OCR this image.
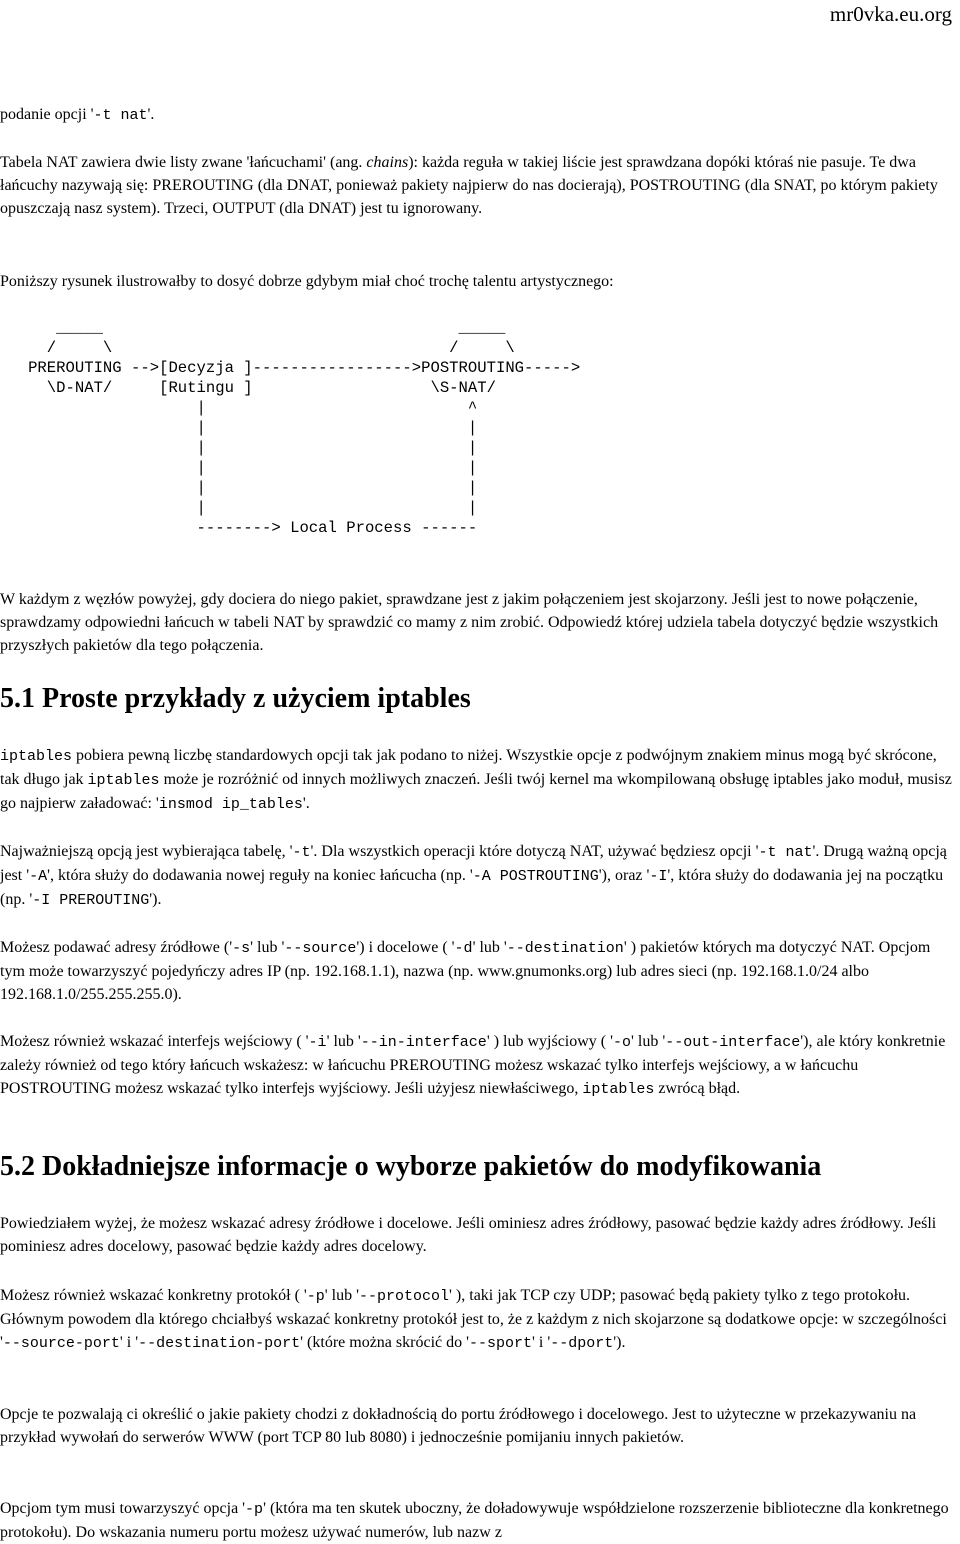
mr0vka.eu.org

podanie opcji '-t nat'.

Tabela NAT zawiera dwie listy zwane 'łańcuchami' (ang. chains): każda reguła w takiej liście jest sprawdzana dopóki któraś nie pasuje. Te dwa łańcuchy nazywają się: PREROUTING (dla DNAT, ponieważ pakiety najpierw do nas docierają), POSTROUTING (dla SNAT, po którym pakiety opuszczają nasz system). Trzeci, OUTPUT (dla DNAT) jest tu ignorowany.

Poniższy rysunek ilustrowałby to dosyć dobrze gdybym miał choć trochę talentu artystycznego:

_____                                      _____
/     \                                    /     \
PREROUTING -->[Decyzja ]----------------->POSTROUTING----->
\D-NAT/     [Rutingu ]                   \S-NAT/
|                            ^
|                            |
|                            |
|                            |
|                            |
|                            |
--------> Local Process ------

W każdym z węzłów powyżej, gdy dociera do niego pakiet, sprawdzane jest z jakim połączeniem jest skojarzony. Jeśli jest to nowe połączenie, sprawdzamy odpowiedni łańcuch w tabeli NAT by sprawdzić co mamy z nim zrobić. Odpowiedź której udziela tabela dotyczyć będzie wszystkich przyszłych pakietów dla tego połączenia.

5.1 Proste przykłady z użyciem iptables

iptables pobiera pewną liczbę standardowych opcji tak jak podano to niżej. Wszystkie opcje z podwójnym znakiem minus mogą być skrócone, tak długo jak iptables może je rozróżnić od innych możliwych znaczeń. Jeśli twój kernel ma wkompilowaną obsługę iptables jako moduł, musisz go najpierw załadować: 'insmod ip_tables'.

Najważniejszą opcją jest wybierająca tabelę, '-t'. Dla wszystkich operacji które dotyczą NAT, używać będziesz opcji '-t nat'. Drugą ważną opcją jest '-A', która służy do dodawania nowej reguły na koniec łańcucha (np. '-A POSTROUTING'), oraz '-I', która służy do dodawania jej na początku (np. '-I PREROUTING').

Możesz podawać adresy źródłowe ('-s' lub '--source') i docelowe ( '-d' lub '--destination' ) pakietów których ma dotyczyć NAT. Opcjom tym może towarzyszyć pojedyńczy adres IP (np. 192.168.1.1), nazwa (np. www.gnumonks.org) lub adres sieci (np. 192.168.1.0/24 albo 192.168.1.0/255.255.255.0).

Możesz również wskazać interfejs wejściowy ( '-i' lub '--in-interface' ) lub wyjściowy ( '-o' lub '--out-interface'), ale który konkretnie zależy również od tego który łańcuch wskażesz: w łańcuchu PREROUTING możesz wskazać tylko interfejs wejściowy, a w łańcuchu POSTROUTING możesz wskazać tylko interfejs wyjściowy. Jeśli użyjesz niewłaściwego, iptables zwrócą błąd.

5.2 Dokładniejsze informacje o wyborze pakietów do modyfikowania

Powiedziałem wyżej, że możesz wskazać adresy źródłowe i docelowe. Jeśli ominiesz adres źródłowy, pasować będzie każdy adres źródłowy. Jeśli pominiesz adres docelowy, pasować będzie każdy adres docelowy.

Możesz również wskazać konkretny protokół ( '-p' lub '--protocol' ), taki jak TCP czy UDP; pasować będą pakiety tylko z tego protokołu. Głównym powodem dla którego chciałbyś wskazać konkretny protokół jest to, że z każdym z nich skojarzone są dodatkowe opcje: w szczególności '--source-port' i '--destination-port' (które można skrócić do '--sport' i '--dport').

Opcje te pozwalają ci określić o jakie pakiety chodzi z dokładnością do portu źródłowego i docelowego. Jest to użyteczne w przekazywaniu na przykład wywołań do serwerów WWW (port TCP 80 lub 8080) i jednocześnie pomijaniu innych pakietów.

Opcjom tym musi towarzyszyć opcja '-p' (która ma ten skutek uboczny, że doładowywuje współdzielone rozszerzenie biblioteczne dla konkretnego protokołu). Do wskazania numeru portu możesz używać numerów, lub nazw z
